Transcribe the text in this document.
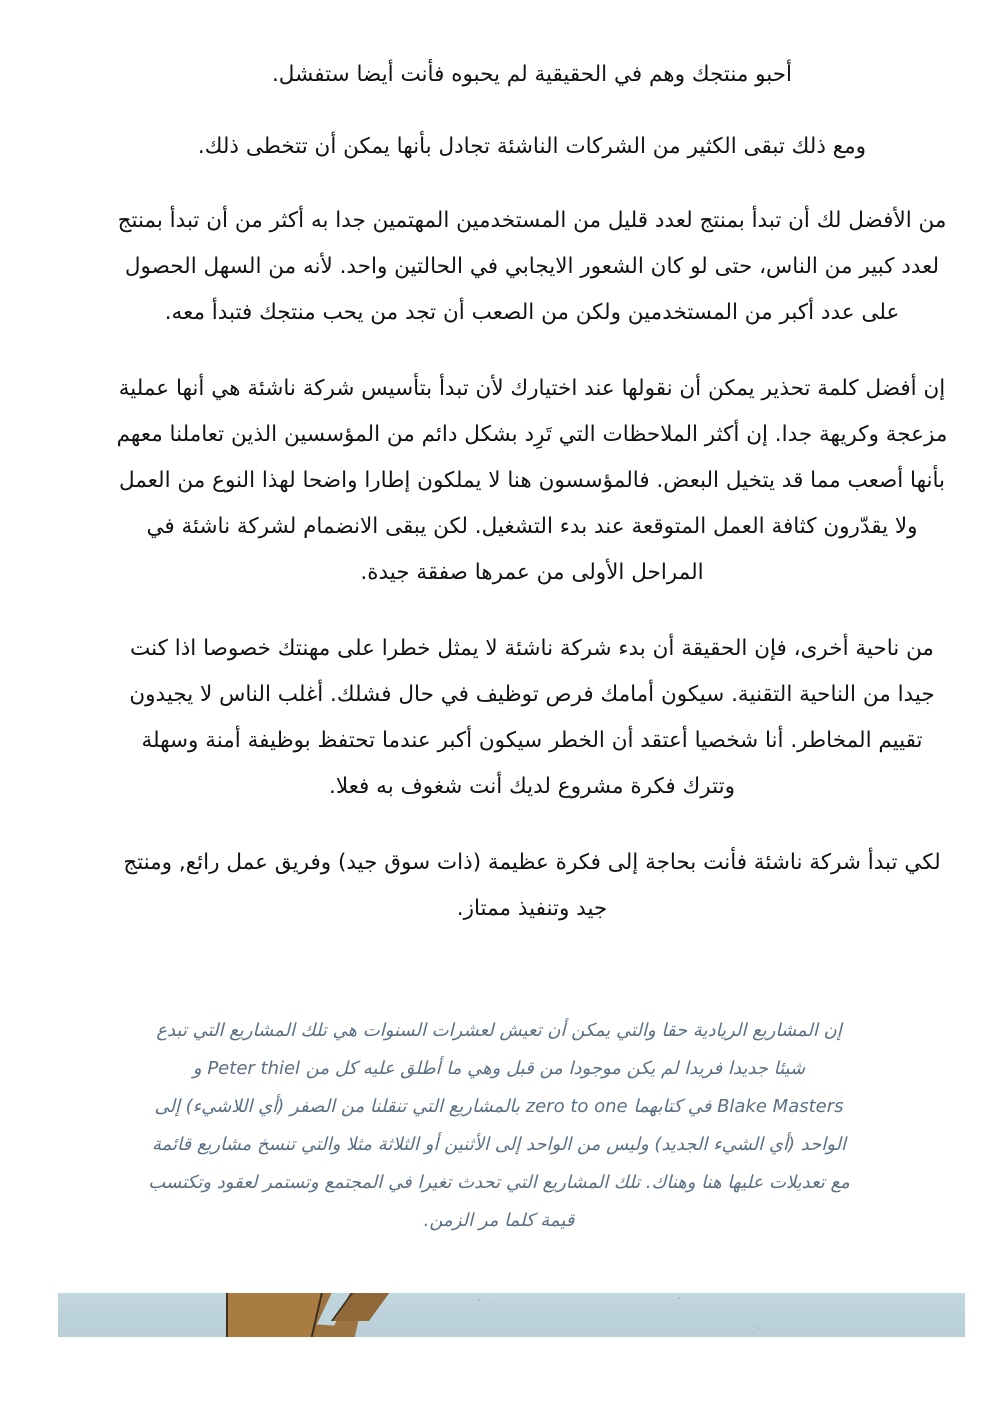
أحبو منتجك وهم في الحقيقية لم يحبوه فأنت أيضا ستفشل.

ومع ذلك تبقى الكثير من الشركات الناشئة تجادل بأنها يمكن أن تتخطى ذلك.

من الأفضل لك أن تبدأ بمنتج لعدد قليل من المستخدمين المهتمين جدا به أكثر من أن تبدأ بمنتج لعدد كبير من الناس، حتى لو كان الشعور الايجابي في الحالتين واحد. لأنه من السهل الحصول على عدد أكبر من المستخدمين ولكن من الصعب أن تجد من يحب منتجك فتبدأ معه.

إن أفضل كلمة تحذير يمكن أن نقولها عند اختيارك لأن تبدأ بتأسيس شركة ناشئة هي أنها عملية مزعجة وكريهة جدا. إن أكثر الملاحظات التي تَرِد بشكل دائم من المؤسسين الذين تعاملنا معهم بأنها أصعب مما قد يتخيل البعض. فالمؤسسون هنا لا يملكون إطارا واضحا لهذا النوع من العمل ولا يقدّرون كثافة العمل المتوقعة عند بدء التشغيل. لكن يبقى الانضمام لشركة ناشئة في المراحل الأولى من عمرها صفقة جيدة.

من ناحية أخرى، فإن الحقيقة أن بدء شركة ناشئة لا يمثل خطرا على مهنتك خصوصا اذا كنت جيدا من الناحية التقنية. سيكون أمامك فرص توظيف في حال فشلك. أغلب الناس لا يجيدون تقييم المخاطر. أنا شخصيا أعتقد أن الخطر سيكون أكبر عندما تحتفظ بوظيفة أمنة وسهلة وتترك فكرة مشروع لديك أنت شغوف به فعلا.

لكي تبدأ شركة ناشئة فأنت بحاجة إلى فكرة عظيمة (ذات سوق جيد) وفريق عمل رائع, ومنتج جيد وتنفيذ ممتاز.

إن المشاريع الريادية حقا والتي يمكن أن تعيش لعشرات السنوات هي تلك المشاريع التي تبدع شيئا جديدا فريدا لم يكن موجودا من قبل وهي ما أطلق عليه كل من Peter thiel و Blake Masters في كتابهما zero to one بالمشاريع التي تنقلنا من الصفر (أي اللاشيء) إلى الواحد (أي الشيء الجديد) وليس من الواحد إلى الأثنين أو الثلاثة مثلا والتي تنسخ مشاريع قائمة مع تعديلات عليها هنا وهناك. تلك المشاريع التي تحدث تغيرا في المجتمع وتستمر لعقود وتكتسب قيمة كلما مر الزمن.
